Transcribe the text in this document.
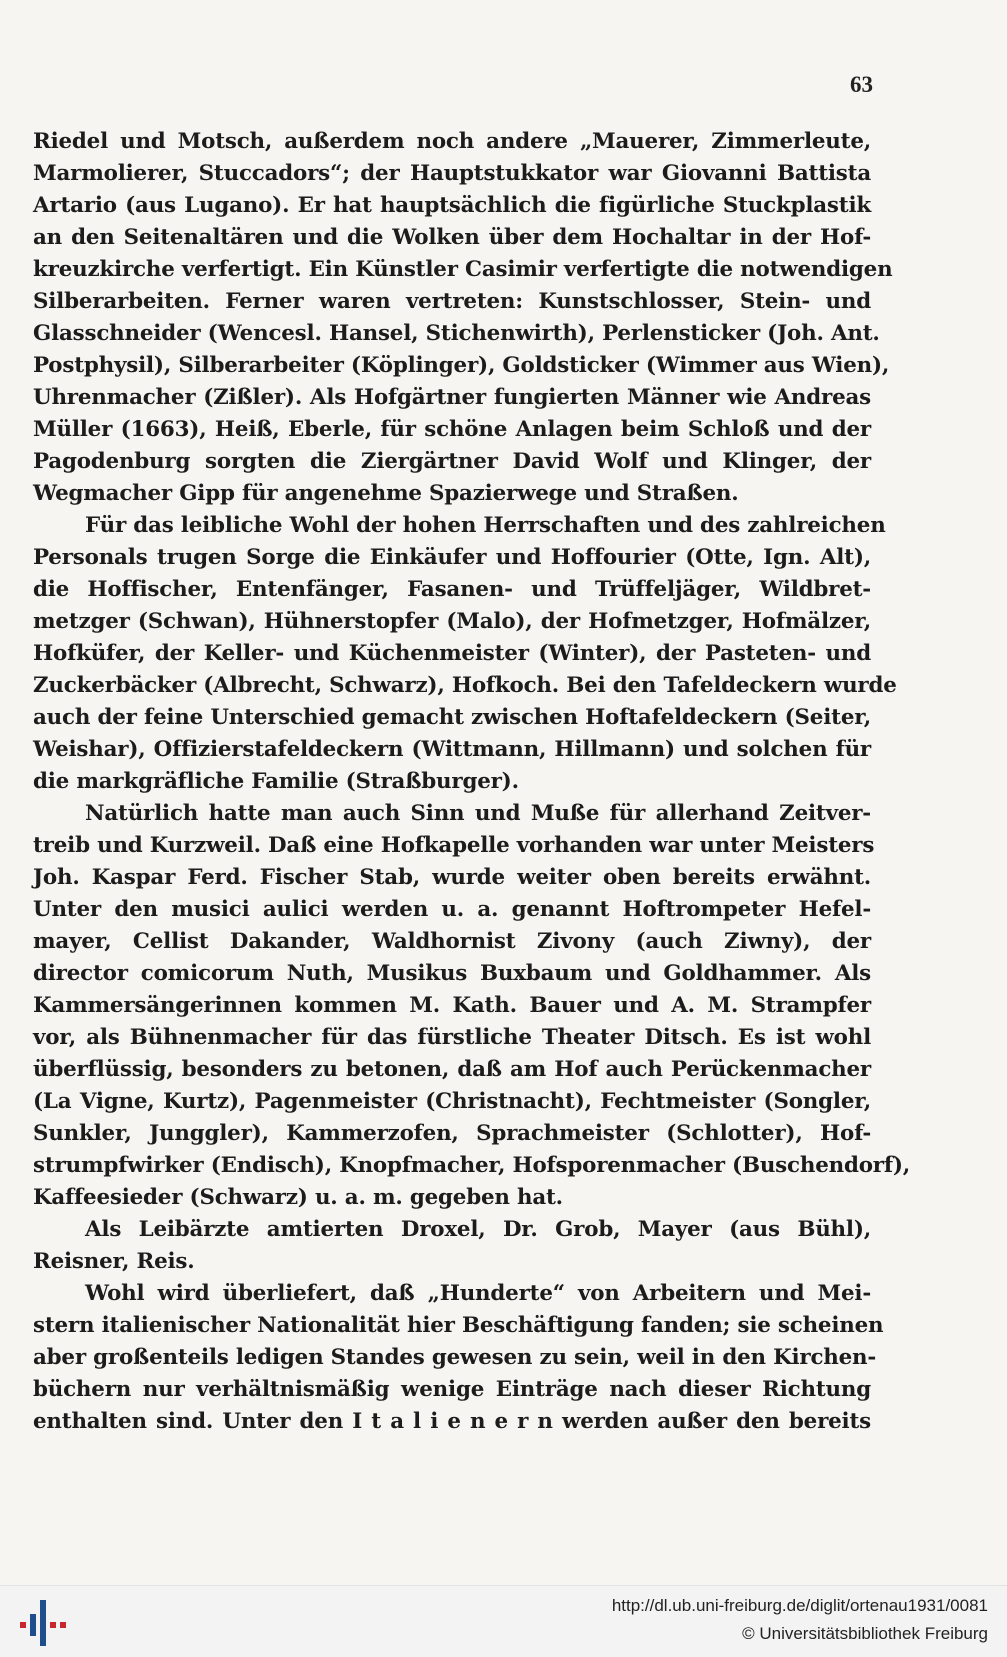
63
Riedel und Motsch, außerdem noch andere „Mauerer, Zimmerleute,
Marmolierer, Stuccadors“; der Hauptstukkator war Giovanni Battista
Artario (aus Lugano). Er hat hauptsächlich die figürliche Stuckplastik
an den Seitenaltären und die Wolken über dem Hochaltar in der Hof-
kreuzkirche verfertigt. Ein Künstler Casimir verfertigte die notwendigen
Silberarbeiten. Ferner waren vertreten: Kunstschlosser, Stein- und
Glasschneider (Wencesl. Hansel, Stichenwirth), Perlensticker (Joh. Ant.
Postphysil), Silberarbeiter (Köplinger), Goldsticker (Wimmer aus Wien),
Uhrenmacher (Zißler). Als Hofgärtner fungierten Männer wie Andreas
Müller (1663), Heiß, Eberle, für schöne Anlagen beim Schloß und der
Pagodenburg sorgten die Ziergärtner David Wolf und Klinger, der
Wegmacher Gipp für angenehme Spazierwege und Straßen.
Für das leibliche Wohl der hohen Herrschaften und des zahlreichen
Personals trugen Sorge die Einkäufer und Hoffourier (Otte, Ign. Alt),
die Hoffischer, Entenfänger, Fasanen- und Trüffeljäger, Wildbret-
metzger (Schwan), Hühnerstopfer (Malo), der Hofmetzger, Hofmälzer,
Hofküfer, der Keller- und Küchenmeister (Winter), der Pasteten- und
Zuckerbäcker (Albrecht, Schwarz), Hofkoch. Bei den Tafeldeckern wurde
auch der feine Unterschied gemacht zwischen Hoftafeldeckern (Seiter,
Weishar), Offizierstafeldeckern (Wittmann, Hillmann) und solchen für
die markgräfliche Familie (Straßburger).
Natürlich hatte man auch Sinn und Muße für allerhand Zeitver-
treib und Kurzweil. Daß eine Hofkapelle vorhanden war unter Meisters
Joh. Kaspar Ferd. Fischer Stab, wurde weiter oben bereits erwähnt.
Unter den musici aulici werden u. a. genannt Hoftrompeter Hefel-
mayer, Cellist Dakander, Waldhornist Zivony (auch Ziwny), der
director comicorum Nuth, Musikus Buxbaum und Goldhammer. Als
Kammersängerinnen kommen M. Kath. Bauer und A. M. Strampfer
vor, als Bühnenmacher für das fürstliche Theater Ditsch. Es ist wohl
überflüssig, besonders zu betonen, daß am Hof auch Perückenmacher
(La Vigne, Kurtz), Pagenmeister (Christnacht), Fechtmeister (Songler,
Sunkler, Junggler), Kammerzofen, Sprachmeister (Schlotter), Hof-
strumpfwirker (Endisch), Knopfmacher, Hofsporenmacher (Buschendorf),
Kaffeesieder (Schwarz) u. a. m. gegeben hat.
Als Leibärzte amtierten Droxel, Dr. Grob, Mayer (aus Bühl),
Reisner, Reis.
Wohl wird überliefert, daß „Hunderte“ von Arbeitern und Mei-
stern italienischer Nationalität hier Beschäftigung fanden; sie scheinen
aber großenteils ledigen Standes gewesen zu sein, weil in den Kirchen-
büchern nur verhältnismäßig wenige Einträge nach dieser Richtung
enthalten sind. Unter den I t a l i e n e r n werden außer den bereits
http://dl.ub.uni-freiburg.de/diglit/ortenau1931/0081
© Universitätsbibliothek Freiburg
